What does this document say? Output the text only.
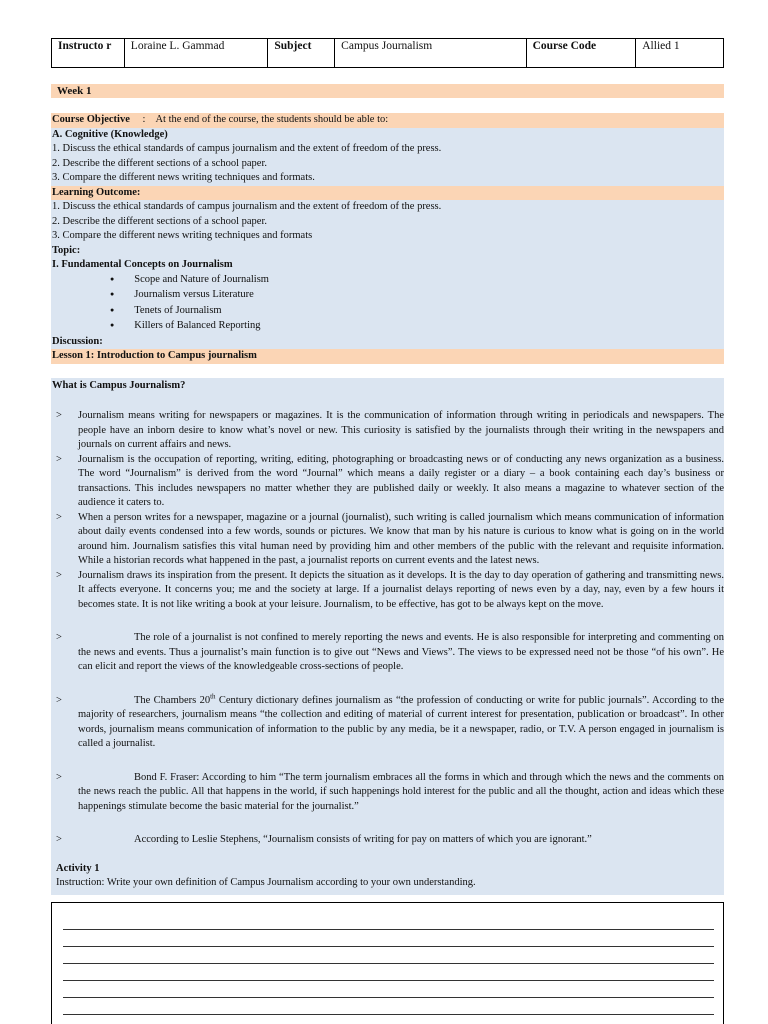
Instructo r	Loraine L. Gammad	Subject	Campus Journalism	Course Code	Allied 1
Week 1
Course Objective : At the end of the course, the students should be able to:
A. Cognitive (Knowledge)
1. Discuss the ethical standards of campus journalism and the extent of freedom of the press.
2. Describe the different sections of a school paper.
3. Compare the different news writing techniques and formats.
Learning Outcome:
1. Discuss the ethical standards of campus journalism and the extent of freedom of the press.
2. Describe the different sections of a school paper.
3. Compare the different news writing techniques and formats
Topic:
I. Fundamental Concepts on Journalism
● Scope and Nature of Journalism
● Journalism versus Literature
● Tenets of Journalism
● Killers of Balanced Reporting
Discussion:
Lesson 1: Introduction to Campus journalism
What is Campus Journalism?
> Journalism means writing for newspapers or magazines. It is the communication of information through writing in periodicals and newspapers. The people have an inborn desire to know what’s novel or new. This curiosity is satisfied by the journalists through their writing in the newspapers and journals on current affairs and news.
> Journalism is the occupation of reporting, writing, editing, photographing or broadcasting news or of conducting any news organization as a business. The word “Journalism” is derived from the word “Journal” which means a daily register or a diary – a book containing each day’s business or transactions. This includes newspapers no matter whether they are published daily or weekly. It also means a magazine to whatever section of the audience it caters to.
> When a person writes for a newspaper, magazine or a journal (journalist), such writing is called journalism which means communication of information about daily events condensed into a few words, sounds or pictures. We know that man by his nature is curious to know what is going on in the world around him. Journalism satisfies this vital human need by providing him and other members of the public with the relevant and requisite information. While a historian records what happened in the past, a journalist reports on current events and the latest news.
> Journalism draws its inspiration from the present. It depicts the situation as it develops. It is the day to day operation of gathering and transmitting news. It affects everyone. It concerns you; me and the society at large. If a journalist delays reporting of news even by a day, nay, even by a few hours it becomes state. It is not like writing a book at your leisure. Journalism, to be effective, has got to be always kept on the move.
>	The role of a journalist is not confined to merely reporting the news and events. He is also responsible for interpreting and commenting on the news and events. Thus a journalist’s main function is to give out “News and Views”. The views to be expressed need not be those “of his own”. He can elicit and report the views of the knowledgeable cross-sections of people.
>	The Chambers 20th Century dictionary defines journalism as “the profession of conducting or write for public journals”. According to the majority of researchers, journalism means “the collection and editing of material of current interest for presentation, publication or broadcast”. In other words, journalism means communication of information to the public by any media, be it a newspaper, radio, or T.V. A person engaged in journalism is called a journalist.
>	Bond F. Fraser: According to him “The term journalism embraces all the forms in which and through which the news and the comments on the news reach the public. All that happens in the world, if such happenings hold interest for the public and all the thought, action and ideas which these happenings stimulate become the basic material for the journalist.”
>	According to Leslie Stephens, “Journalism consists of writing for pay on matters of which you are ignorant.”
Activity 1
Instruction: Write your own definition of Campus Journalism according to your own understanding.
